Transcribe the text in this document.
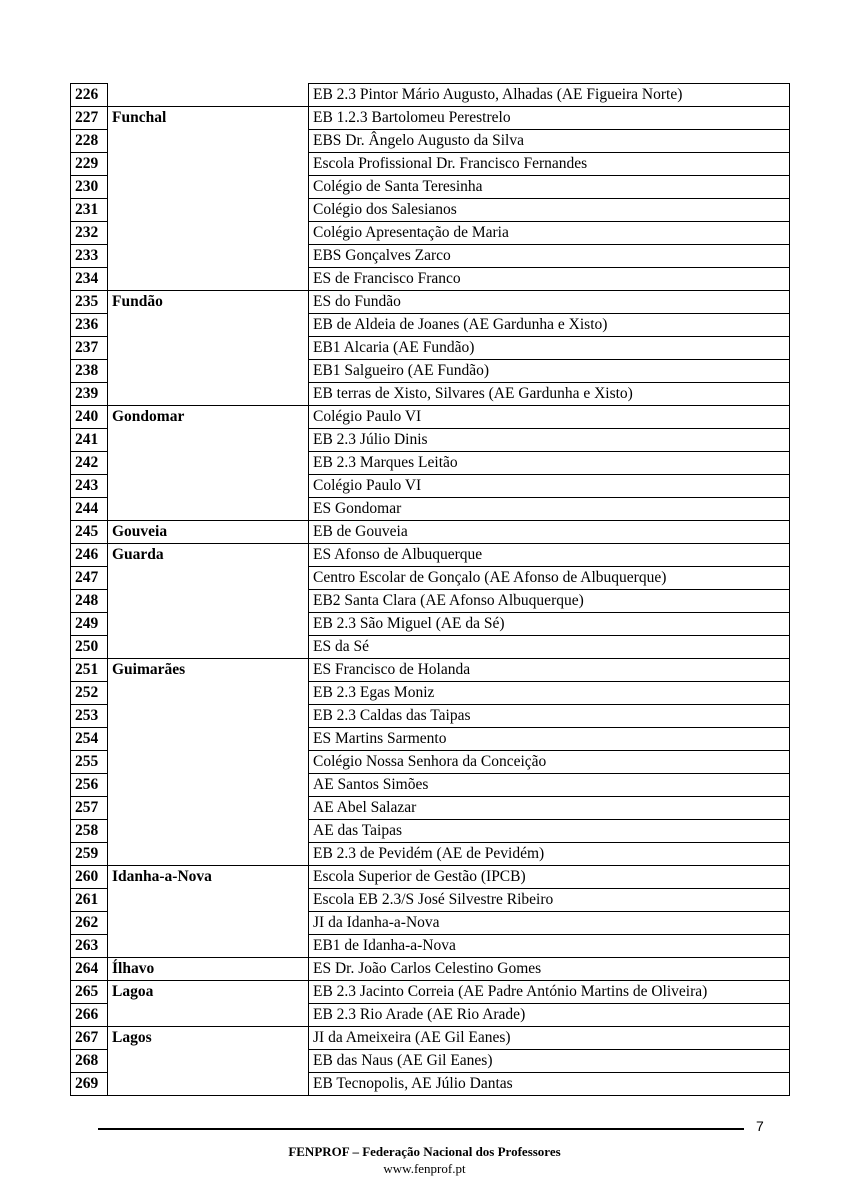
226		EB 2.3 Pintor Mário Augusto, Alhadas (AE Figueira Norte)
227	Funchal	EB 1.2.3 Bartolomeu Perestrelo
228		EBS Dr. Ângelo Augusto da Silva
229		Escola Profissional Dr. Francisco Fernandes
230		Colégio de Santa Teresinha
231		Colégio dos Salesianos
232		Colégio Apresentação de Maria
233		EBS Gonçalves Zarco
234		ES de Francisco Franco
235	Fundão	ES do Fundão
236		EB de Aldeia de Joanes (AE Gardunha e Xisto)
237		EB1 Alcaria (AE Fundão)
238		EB1 Salgueiro (AE Fundão)
239		EB terras de Xisto, Silvares (AE Gardunha e Xisto)
240	Gondomar	Colégio Paulo VI
241		EB 2.3 Júlio Dinis
242		EB 2.3 Marques Leitão
243		Colégio Paulo VI
244		ES Gondomar
245	Gouveia	EB de Gouveia
246	Guarda	ES Afonso de Albuquerque
247		Centro Escolar de Gonçalo (AE Afonso de Albuquerque)
248		EB2 Santa Clara (AE Afonso Albuquerque)
249		EB 2.3 São Miguel (AE da Sé)
250		ES da Sé
251	Guimarães	ES Francisco de Holanda
252		EB 2.3 Egas Moniz
253		EB 2.3 Caldas das Taipas
254		ES Martins Sarmento
255		Colégio Nossa Senhora da Conceição
256		AE Santos Simões
257		AE Abel Salazar
258		AE das Taipas
259		EB 2.3 de Pevidém (AE de Pevidém)
260	Idanha-a-Nova	Escola Superior de Gestão (IPCB)
261		Escola EB 2.3/S José Silvestre Ribeiro
262		JI da Idanha-a-Nova
263		EB1 de Idanha-a-Nova
264	Ílhavo	ES Dr. João Carlos Celestino Gomes
265	Lagoa	EB 2.3 Jacinto Correia (AE Padre António Martins de Oliveira)
266		EB 2.3 Rio Arade (AE Rio Arade)
267	Lagos	JI da Ameixeira (AE Gil Eanes)
268		EB das Naus (AE Gil Eanes)
269		EB Tecnopolis, AE Júlio Dantas
7
FENPROF – Federação Nacional dos Professores
www.fenprof.pt
